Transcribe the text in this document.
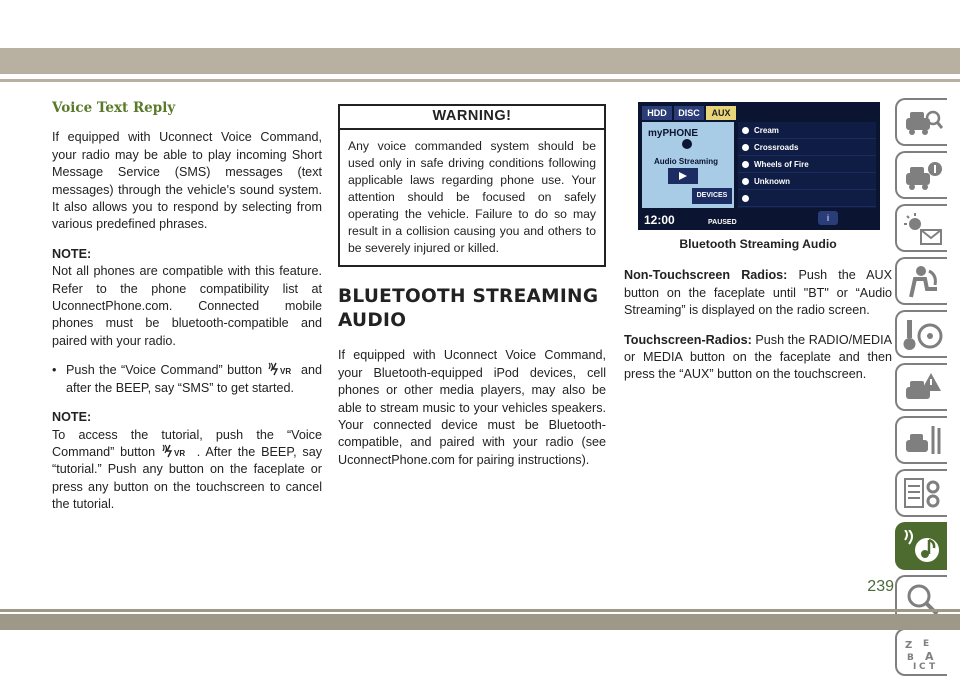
Voice Text Reply

If equipped with Uconnect Voice Command, your radio may be able to play incoming Short Message Service (SMS) messages (text messages) through the vehicle's sound system. It also allows you to respond by selecting from various predefined phrases.

NOTE:
Not all phones are compatible with this feature. Refer to the phone compatibility list at UconnectPhone.com. Connected mobile phones must be bluetooth-compatible and paired with your radio.

• Push the “Voice Command” button VR and after the BEEP, say “SMS” to get started.

NOTE:
To access the tutorial, push the “Voice Command” button VR . After the BEEP, say “tutorial.” Push any button on the faceplate or press any button on the touchscreen to cancel the tutorial.

WARNING!
Any voice commanded system should be used only in safe driving conditions following applicable laws regarding phone use. Your attention should be focused on safely operating the vehicle. Failure to do so may result in a collision causing you and others to be severely injured or killed.
BLUETOOTH STREAMING AUDIO

If equipped with Uconnect Voice Command, your Bluetooth-equipped iPod devices, cell phones or other media players, may also be able to stream music to your vehicles speakers. Your connected device must be Bluetooth-compatible, and paired with your radio (see UconnectPhone.com for pairing instructions).

HDD	DISC	AUX
myPHONE
Audio Streaming
DEVICES
Cream
Crossroads
Wheels of Fire
Unknown
12:00	PAUSED	i
Bluetooth Streaming Audio

Non-Touchscreen Radios: Push the AUX button on the faceplate until "BT" or “Audio Streaming” is displayed on the radio screen.

Touchscreen-Radios: Push the RADIO/MEDIA or MEDIA button on the faceplate and then press the “AUX” button on the touchscreen.

Z E
B A
I C T
239
